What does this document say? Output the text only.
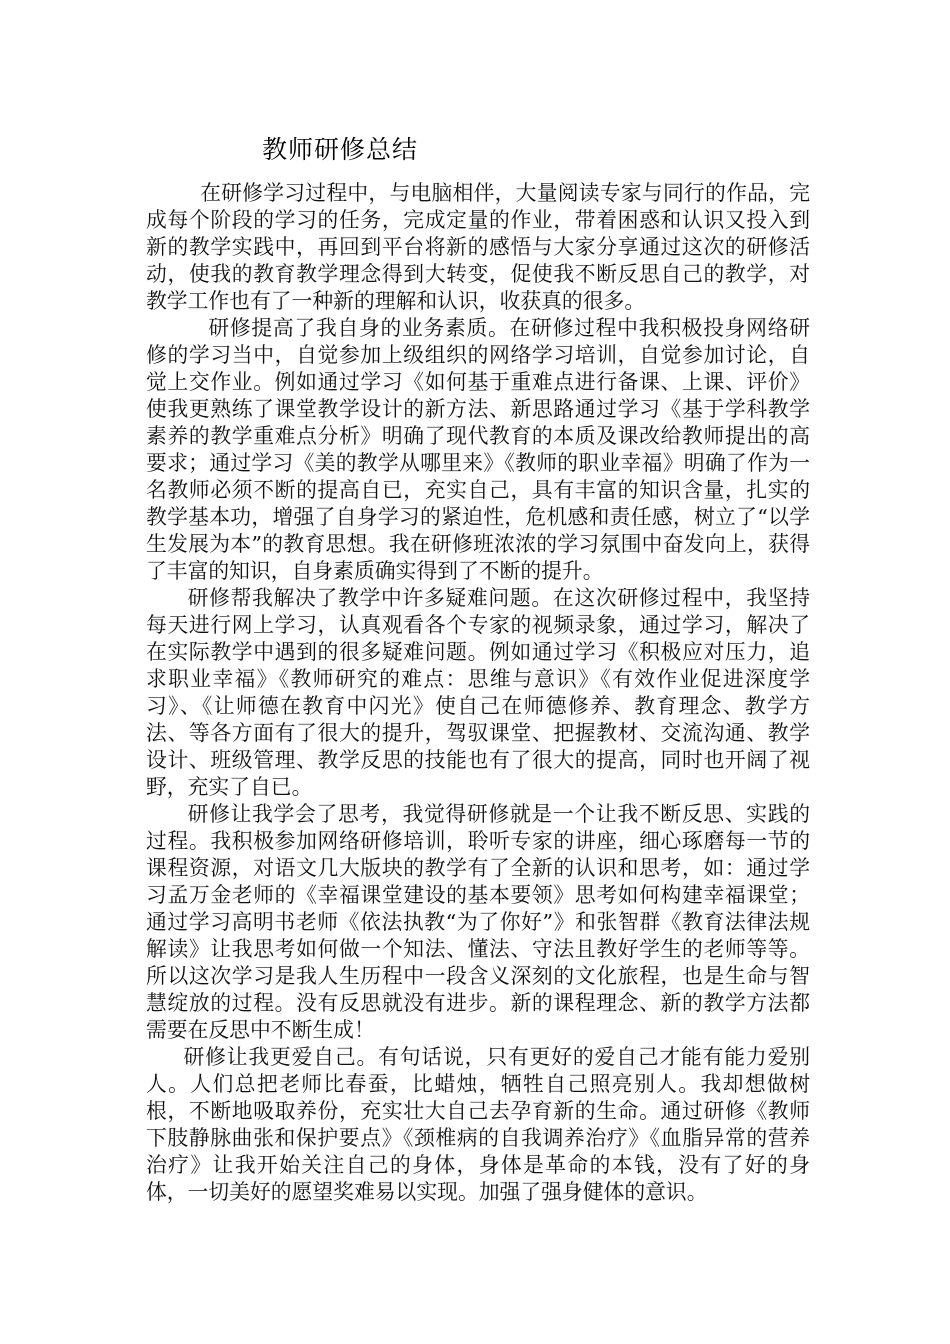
教师研修总结

在研修学习过程中，与电脑相伴，大量阅读专家与同行的作品，完成每个阶段的学习的任务，完成定量的作业，带着困惑和认识又投入到新的教学实践中，再回到平台将新的感悟与大家分享通过这次的研修活动，使我的教育教学理念得到大转变，促使我不断反思自己的教学，对教学工作也有了一种新的理解和认识，收获真的很多。

研修提高了我自身的业务素质。在研修过程中我积极投身网络研修的学习当中，自觉参加上级组织的网络学习培训，自觉参加讨论，自觉上交作业。例如通过学习《如何基于重难点进行备课、上课、评价》使我更熟练了课堂教学设计的新方法、新思路通过学习《基于学科教学素养的教学重难点分析》明确了现代教育的本质及课改给教师提出的高要求；通过学习《美的教学从哪里来》《教师的职业幸福》明确了作为一名教师必须不断的提高自已，充实自己，具有丰富的知识含量，扎实的教学基本功，增强了自身学习的紧迫性，危机感和责任感，树立了“以学生发展为本”的教育思想。我在研修班浓浓的学习氛围中奋发向上，获得了丰富的知识，自身素质确实得到了不断的提升。

研修帮我解决了教学中许多疑难问题。在这次研修过程中，我坚持每天进行网上学习，认真观看各个专家的视频录象，通过学习，解决了在实际教学中遇到的很多疑难问题。例如通过学习《积极应对压力，追求职业幸福》《教师研究的难点：思维与意识》《有效作业促进深度学习》、《让师德在教育中闪光》使自己在师德修养、教育理念、教学方法、等各方面有了很大的提升，驾驭课堂、把握教材、交流沟通、教学设计、班级管理、教学反思的技能也有了很大的提高，同时也开阔了视野，充实了自已。

研修让我学会了思考，我觉得研修就是一个让我不断反思、实践的过程。我积极参加网络研修培训，聆听专家的讲座，细心琢磨每一节的课程资源，对语文几大版块的教学有了全新的认识和思考，如：通过学习孟万金老师的《幸福课堂建设的基本要领》思考如何构建幸福课堂；通过学习高明书老师《依法执教“为了你好”》和张智群《教育法律法规解读》让我思考如何做一个知法、懂法、守法且教好学生的老师等等。所以这次学习是我人生历程中一段含义深刻的文化旅程，也是生命与智慧绽放的过程。没有反思就没有进步。新的课程理念、新的教学方法都需要在反思中不断生成！

研修让我更爱自己。有句话说，只有更好的爱自己才能有能力爱别人。人们总把老师比春蚕，比蜡烛，牺牲自己照亮别人。我却想做树根，不断地吸取养份，充实壮大自己去孕育新的生命。通过研修《教师下肢静脉曲张和保护要点》《颈椎病的自我调养治疗》《血脂异常的营养治疗》让我开始关注自己的身体，身体是革命的本钱，没有了好的身体，一切美好的愿望奖难易以实现。加强了强身健体的意识。
